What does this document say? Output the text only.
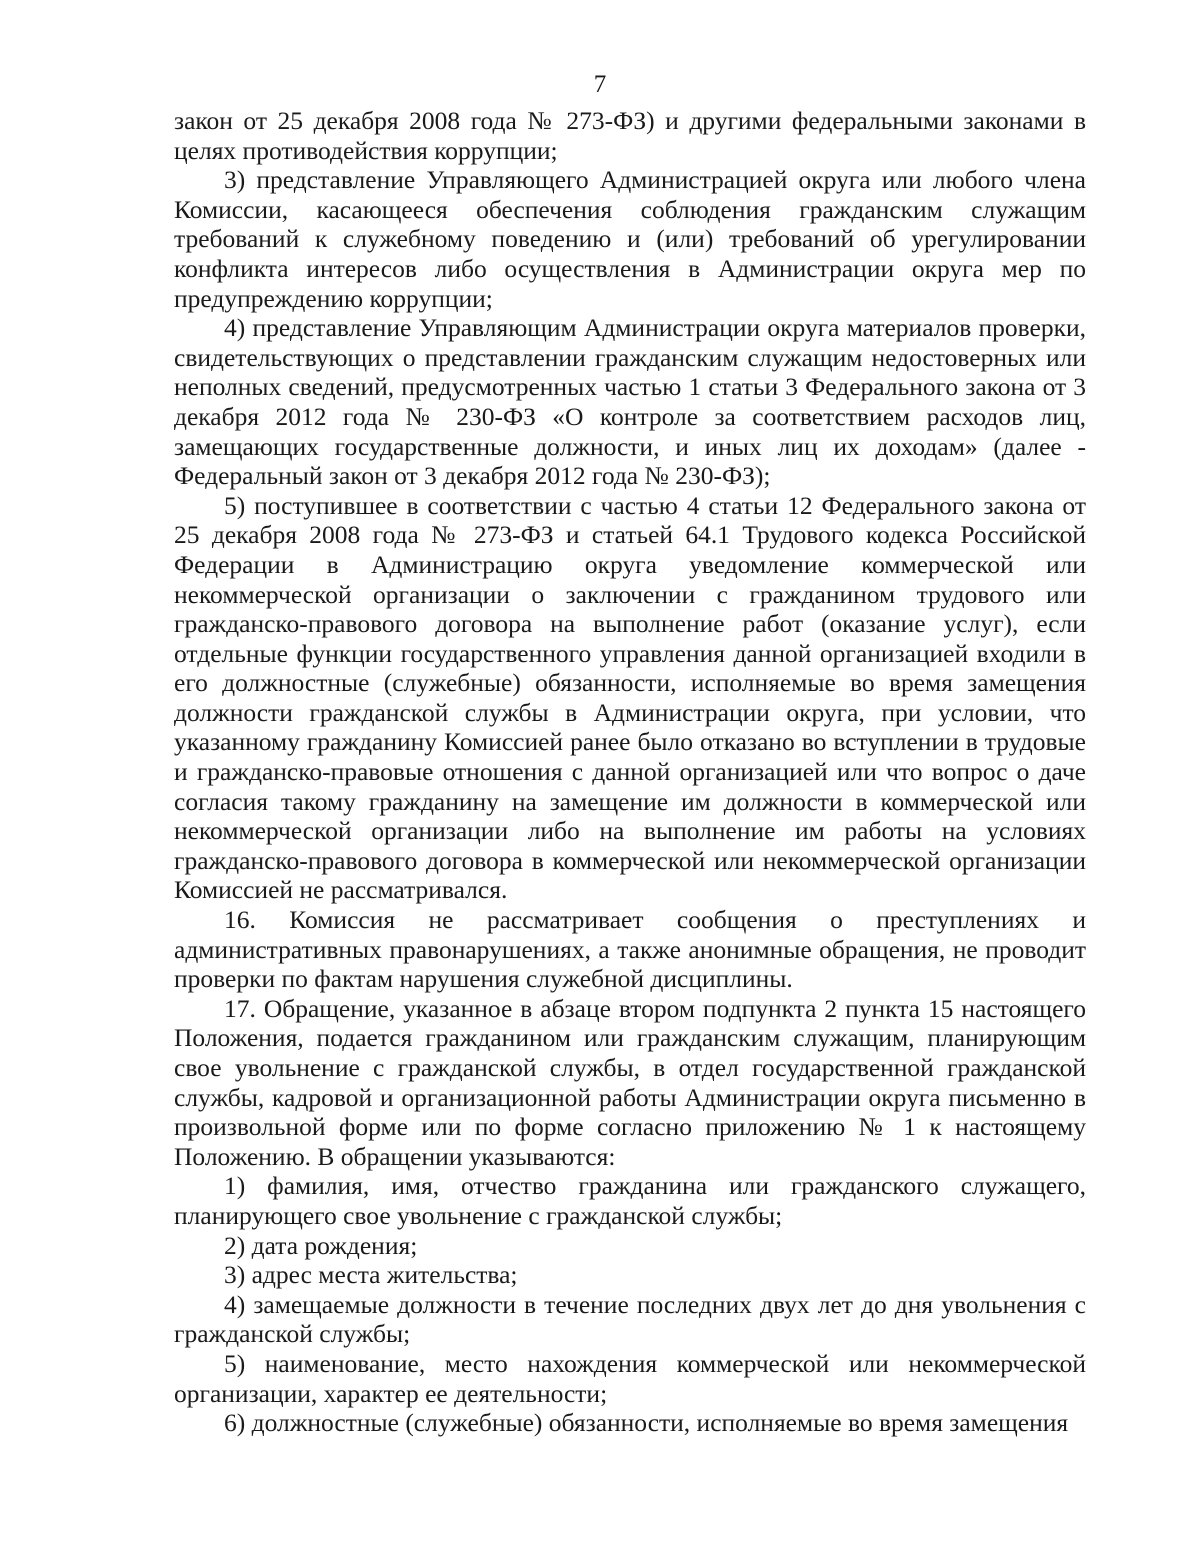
7

закон от 25 декабря 2008 года № 273-ФЗ) и другими федеральными законами в целях противодействия коррупции;

3) представление Управляющего Администрацией округа или любого члена Комиссии, касающееся обеспечения соблюдения гражданским служащим требований к служебному поведению и (или) требований об урегулировании конфликта интересов либо осуществления в Администрации округа мер по предупреждению коррупции;

4) представление Управляющим Администрации округа материалов проверки, свидетельствующих о представлении гражданским служащим недостоверных или неполных сведений, предусмотренных частью 1 статьи 3 Федерального закона от 3 декабря 2012 года № 230-ФЗ «О контроле за соответствием расходов лиц, замещающих государственные должности, и иных лиц их доходам» (далее - Федеральный закон от 3 декабря 2012 года № 230-ФЗ);

5) поступившее в соответствии с частью 4 статьи 12 Федерального закона от 25 декабря 2008 года № 273-ФЗ и статьей 64.1 Трудового кодекса Российской Федерации в Администрацию округа уведомление коммерческой или некоммерческой организации о заключении с гражданином трудового или гражданско-правового договора на выполнение работ (оказание услуг), если отдельные функции государственного управления данной организацией входили в его должностные (служебные) обязанности, исполняемые во время замещения должности гражданской службы в Администрации округа, при условии, что указанному гражданину Комиссией ранее было отказано во вступлении в трудовые и гражданско-правовые отношения с данной организацией или что вопрос о даче согласия такому гражданину на замещение им должности в коммерческой или некоммерческой организации либо на выполнение им работы на условиях гражданско-правового договора в коммерческой или некоммерческой организации Комиссией не рассматривался.

16. Комиссия не рассматривает сообщения о преступлениях и административных правонарушениях, а также анонимные обращения, не проводит проверки по фактам нарушения служебной дисциплины.

17. Обращение, указанное в абзаце втором подпункта 2 пункта 15 настоящего Положения, подается гражданином или гражданским служащим, планирующим свое увольнение с гражданской службы, в отдел государственной гражданской службы, кадровой и организационной работы Администрации округа письменно в произвольной форме или по форме согласно приложению № 1 к настоящему Положению. В обращении указываются:

1) фамилия, имя, отчество гражданина или гражданского служащего, планирующего свое увольнение с гражданской службы;

2) дата рождения;

3) адрес места жительства;

4) замещаемые должности в течение последних двух лет до дня увольнения с гражданской службы;

5) наименование, место нахождения коммерческой или некоммерческой организации, характер ее деятельности;

6) должностные (служебные) обязанности, исполняемые во время замещения
